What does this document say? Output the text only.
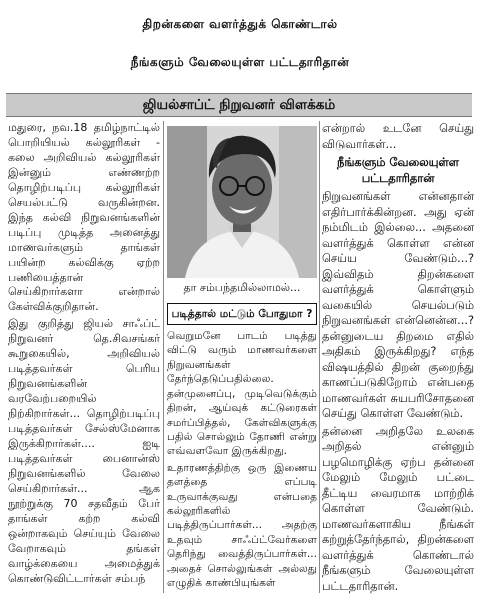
திறன்களை வளர்த்துக் கொண்டால்
நீங்களும் வேலையுள்ள பட்டதாரிதான்
ஜியல்சாப்ட் நிறுவனர் விளக்கம்

மதுரை, நவ.18 தமிழ்நாட்டில் பொறியியல் கல்லூரிகள் - கலை அறிவியல் கல்லூரிகள் இன்னும் எண்ணற்ற தொழிற்படிப்பு கல்லூரிகள் செயல்பட்டு வருகின்றன. இந்த கல்வி நிறுவனங்களின் படிப்பு முடித்த அனைத்து மாணவர்களும் தாங்கள் பயின்ற கல்விக்கு ஏற்ற பணியைத்தான் செய்கிறார்களா என்றால் கேள்விக்குறிதான்.

இது குறித்து ஜியல் சாஃப்ட் நிறுவனர் தெ.சிவசங்கர் கூறுகையில், அறிவியல் படித்தவர்கள் பெரிய நிறுவனங்களின் வரவேற்பறையில் நிற்கிறார்கள்... தொழிற்படிப்பு படித்தவர்கள் சேல்ஸ்மேனாக இருக்கிறார்கள்.... ஐடி படித்தவர்கள் பைனான்ஸ் நிறுவனங்களில் வேலை செய்கிறார்கள்... ஆக நூற்றுக்கு 70 சதவீதம் பேர் தாங்கள் கற்ற கல்வி ஒன்றாகவும் செய்யும் வேலை வேறாகவும் தங்கள் வாழ்க்கையை அமைத்துக் கொண்டுவிட்டார்கள் சம்பந்

தா சம்பந்தமில்லாமல்...
படித்தால் மட்டும் போதுமா ?

வெறுமனே பாடம் படித்து விட்டு வரும் மாணவர்களை நிறுவனங்கள் தேர்ந்தெடுப்பதில்லை. தன்முனைப்பு, முடிவெடுக்கும் திறன், ஆய்வுக் கட்டுரைகள் சமர்ப்பித்தல், கேள்விகளுக்கு பதில் சொல்லும் தோணி என்று எவ்வளவோ இருக்கிறது.

உதாரணத்திற்கு ஒரு இணைய தளத்தை எப்படி உருவாக்குவது என்பதை கல்லூரிகளில் படித்திருப்பார்கள்... அதற்கு உதவும் சாஃப்ட்வேர்களை தெரிந்து வைத்திருப்பார்கள்... அதைச் சொல்லுங்கள் அல்லது எழுதிக் காண்பியுங்கள்

என்றால் உடனே செய்து விடுவார்கள்...

நீங்களும் வேலையுள்ள பட்டதாரிதான்

நிறுவனங்கள் என்னதான் எதிர்பார்க்கின்றன. அது ஏன் நம்மிடம் இல்லை... அதனை வளர்த்துக் கொள்ள என்ன செய்ய வேண்டும்...? இவ்விதம் திறன்களை வளர்த்துக் கொள்ளும் வகையில் செயல்படும் நிறுவனங்கள் என்னென்ன...? தன்னுடைய திறமை எதில் அதிகம் இருக்கிறது? எந்த விஷயத்தில் திறன் குறைந்து காணப்படுகிறோம் என்பதை மாணவர்கள் சுயபரிசோதனை செய்து கொள்ள வேண்டும்.

தன்னை அறிதலே உலகை அறிதல் என்னும் பழமொழிக்கு ஏற்ப தன்னை மேலும் மேலும் பட்டை தீட்டிய வைரமாக மாற்றிக் கொள்ள வேண்டும். மாணவர்களாகிய நீங்கள் கற்றுத்தேர்ந்தால், திறன்களை வளர்த்துக் கொண்டால் நீங்களும் வேலையுள்ள பட்டதாரிதான்.
